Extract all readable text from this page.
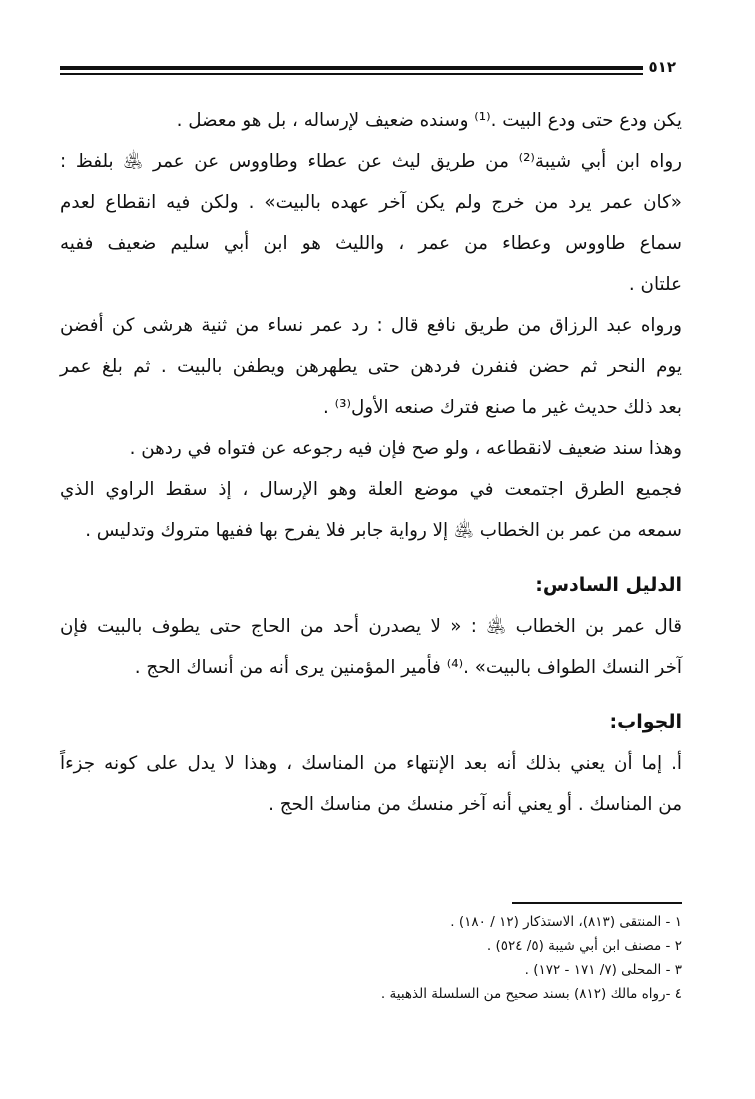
٥١٢
يكن ودع حتى ودع البيت .⁽¹⁾ وسنده ضعيف لإرساله ، بل هو معضل .
رواه ابن أبي شيبة⁽²⁾ من طريق ليث عن عطاء وطاووس عن عمر ﵁ بلفظ :
«كان عمر يرد من خرج ولم يكن آخر عهده بالبيت» . ولكن فيه انقطاع لعدم
سماع طاووس وعطاء من عمر ، والليث هو ابن أبي سليم ضعيف ففيه
علتان .
ورواه عبد الرزاق من طريق نافع قال : رد عمر نساء من ثنية هرشى كن أفضن
يوم النحر ثم حضن فنفرن فردهن حتى يطهرهن ويطفن بالبيت . ثم بلغ عمر
بعد ذلك حديث غير ما صنع فترك صنعه الأول⁽³⁾ .
وهذا سند ضعيف لانقطاعه ، ولو صح فإن فيه رجوعه عن فتواه في ردهن .
فجميع الطرق اجتمعت في موضع العلة وهو الإرسال ، إذ سقط الراوي الذي
سمعه من عمر بن الخطاب ﵁ إلا رواية جابر فلا يفرح بها ففيها متروك وتدليس .
الدليل السادس:
قال عمر بن الخطاب ﵁ : « لا يصدرن أحد من الحاج حتى يطوف بالبيت فإن
آخر النسك الطواف بالبيت» .⁽⁴⁾ فأمير المؤمنين يرى أنه من أنساك الحج .
الجواب:
أ. إما أن يعني بذلك أنه بعد الإنتهاء من المناسك ، وهذا لا يدل على كونه جزءاً
من المناسك . أو يعني أنه آخر منسك من مناسك الحج .
١ - المنتقى (٨١٣)، الاستذكار (١٢ / ١٨٠) .
٢ - مصنف ابن أبي شيبة (٥/ ٥٢٤) .
٣ - المحلى (٧/ ١٧١ - ١٧٢) .
٤ -رواه مالك (٨١٢) بسند صحيح من السلسلة الذهبية .
